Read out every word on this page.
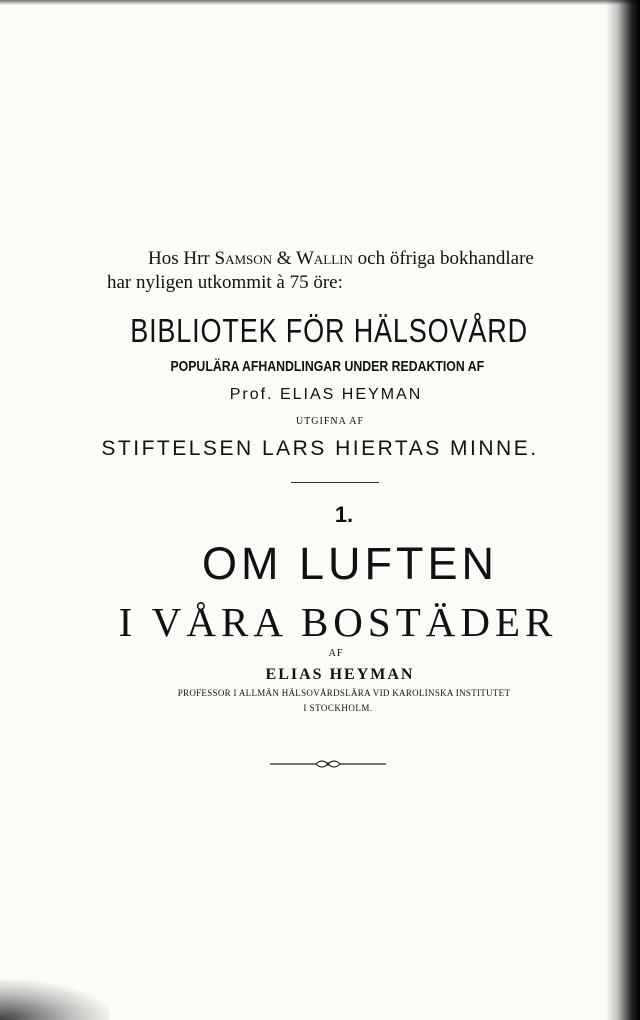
Hos Hrr Samson & Wallin och öfriga bokhandlare
har nyligen utkommit à 75 öre:
BIBLIOTEK FÖR HÄLSOVÅRD
POPULÄRA AFHANDLINGAR UNDER REDAKTION AF
Prof. ELIAS HEYMAN
UTGIFNA AF
STIFTELSEN LARS HIERTAS MINNE.
1.
OM LUFTEN
I VÅRA BOSTÄDER
AF
ELIAS HEYMAN
PROFESSOR I ALLMÄN HÄLSOVÅRDSLÄRA VID KAROLINSKA INSTITUTET
I STOCKHOLM.
